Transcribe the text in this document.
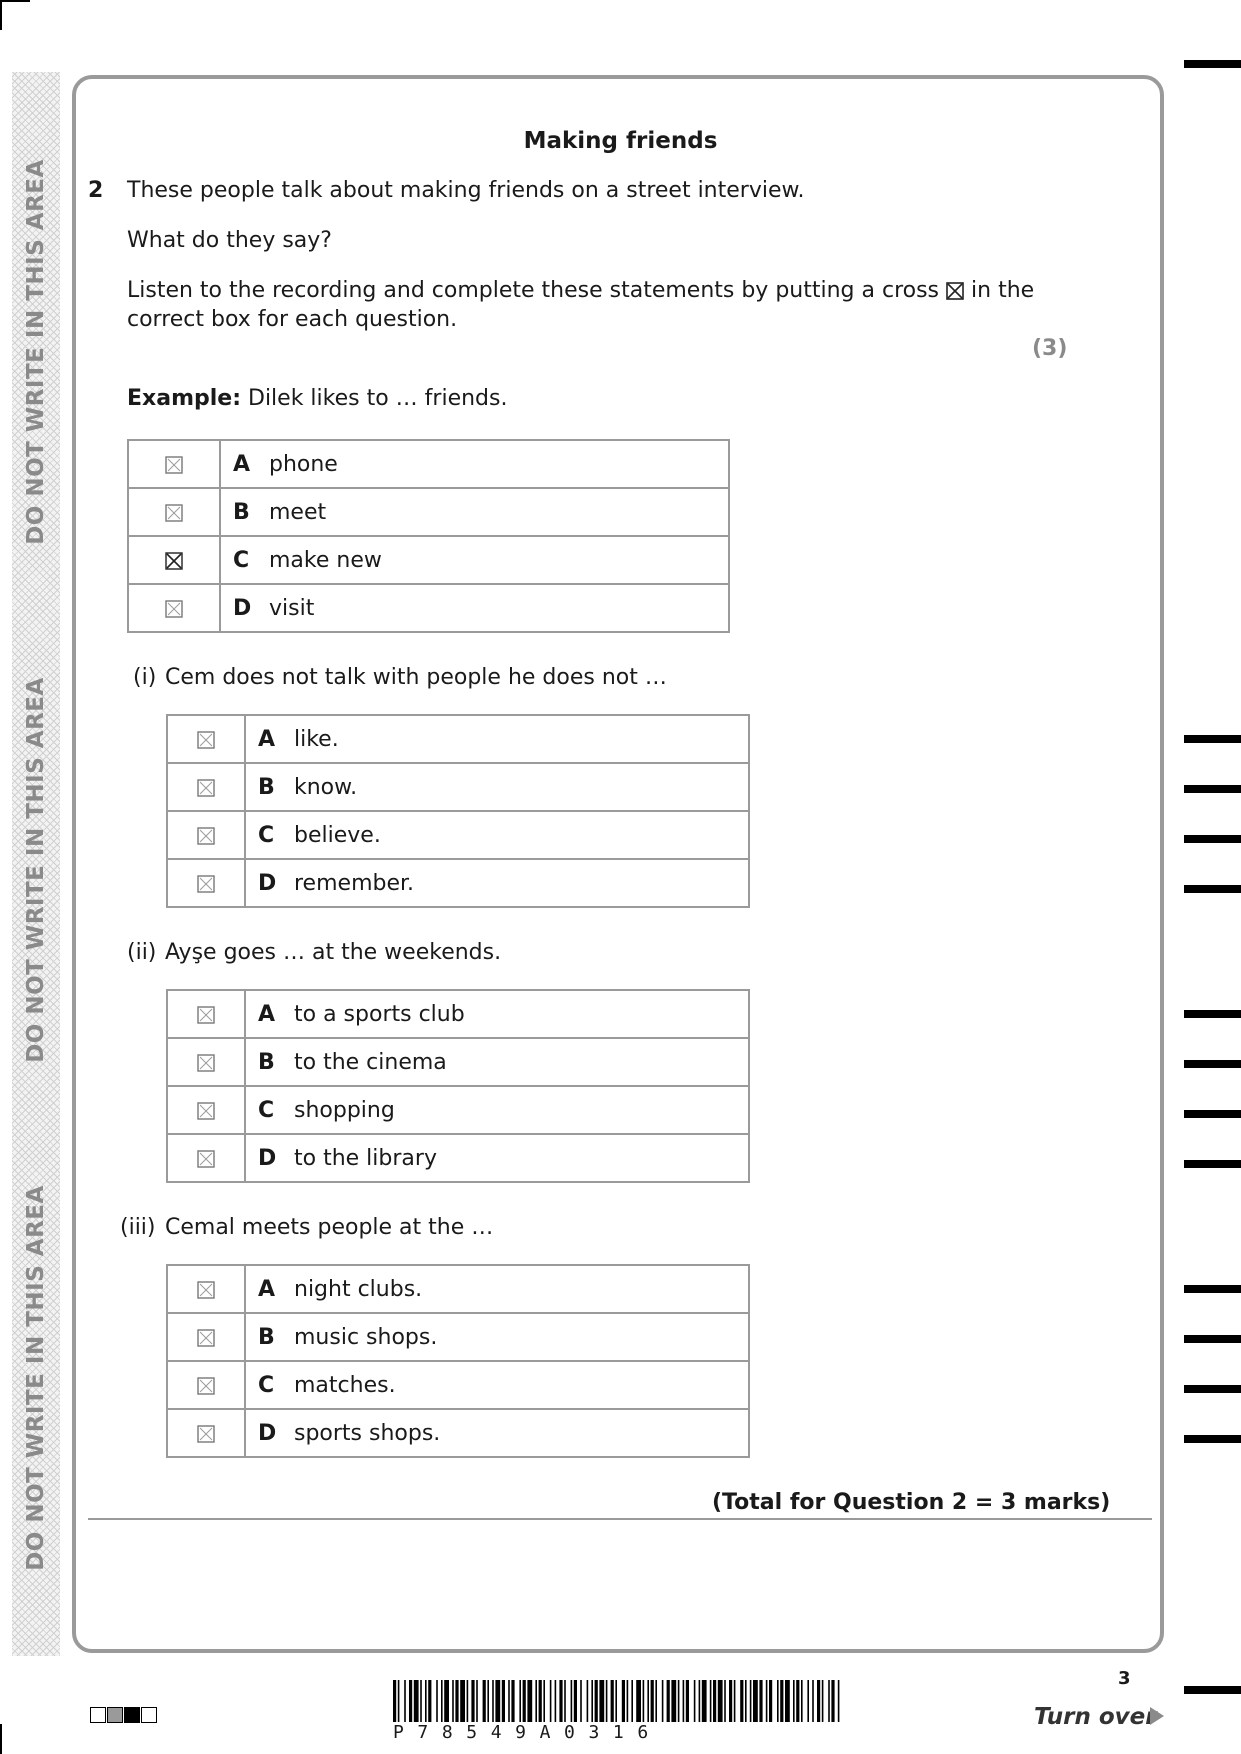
DO NOT WRITE IN THIS AREA
DO NOT WRITE IN THIS AREA
DO NOT WRITE IN THIS AREA
Making friends
2 These people talk about making friends on a street interview.
What do they say?
Listen to the recording and complete these statements by putting a cross ☒ in the
correct box for each question.
(3)
Example: Dilek likes to … friends.
	A phone

	B meet

	C make new

	D visit
(i) Cem does not talk with people he does not …
	A like.

	B know.

	C believe.

	D remember.
(ii) Ayşe goes … at the weekends.
	A to a sports club

	B to the cinema

	C shopping

	D to the library
(iii) Cemal meets people at the …
	A night clubs.

	B music shops.

	C matches.

	D sports shops.
(Total for Question 2 = 3 marks)
P78549A0316
3
Turn over
